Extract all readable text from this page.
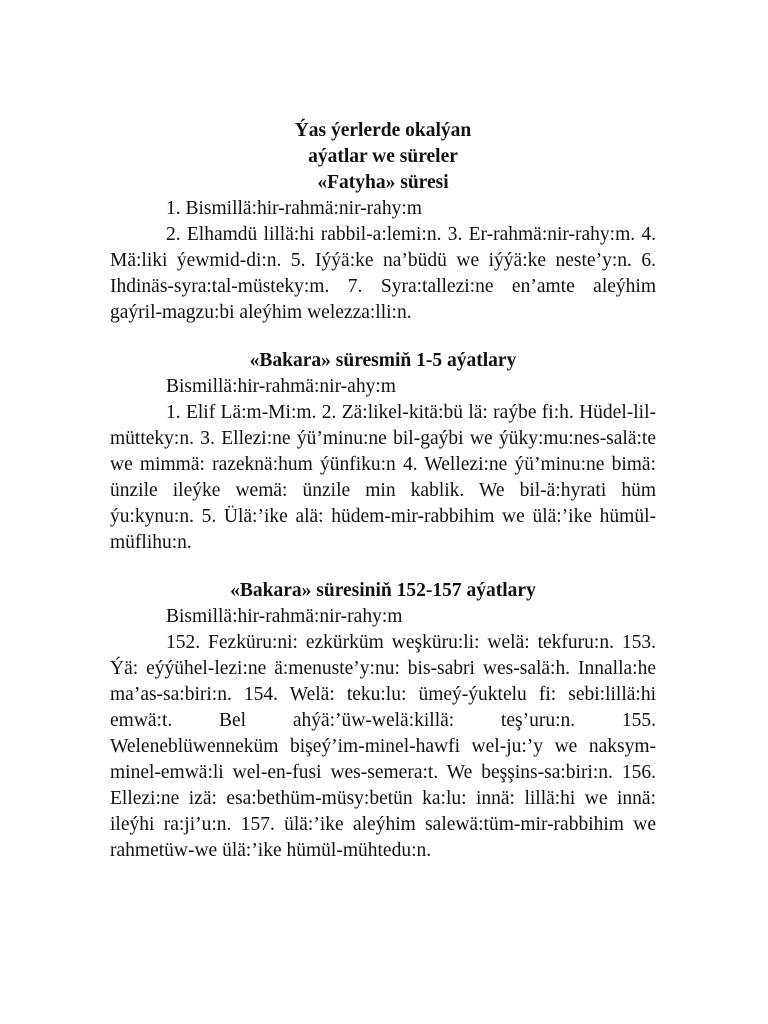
Ýas ýerlerde okalýan

aýatlar we süreler

«Fatyha» süresi

1. Bismillä:hir-rahmä:nir-rahy:m

2. Elhamdü lillä:hi rabbil-a:lemi:n. 3. Er-rahmä:nir-rahy:m. 4. Mä:liki ýewmid-di:n. 5. Iýýä:ke na’büdü we iýýä:ke neste’y:n. 6. Ihdinäs-syra:tal-müsteky:m. 7. Syra:tallezi:ne en’amte aleýhim gaýril-magzu:bi aleýhim welezza:lli:n.

«Bakara» süresmiň 1-5 aýatlary

Bismillä:hir-rahmä:nir-ahy:m

1. Elif Lä:m-Mi:m. 2. Zä:likel-kitä:bü lä: raýbe fi:h. Hüdel-lil-mütteky:n. 3. Ellezi:ne ýü’minu:ne bil-gaýbi we ýüky:mu:nes-salä:te we mimmä: razeknä:hum ýünfiku:n 4. Wellezi:ne ýü’minu:ne bimä: ünzile ileýke wemä: ünzile min kablik. We bil-ä:hyrati hüm ýu:kynu:n. 5. Ülä:’ike alä: hüdem-mir-rabbihim we ülä:’ike hümül-müflihu:n.

«Bakara» süresiniň 152-157 aýatlary

Bismillä:hir-rahmä:nir-rahy:m

152. Fezküru:ni: ezkürküm weşküru:li: welä: tekfuru:n. 153. Ýä: eýýühel-lezi:ne ä:menuste’y:nu: bis-sabri wes-salä:h. Innalla:he ma’as-sa:biri:n. 154. Welä: teku:lu: ümeý-ýuktelu fi: sebi:lillä:hi emwä:t. Bel ahýä:’üw-welä:killä: teş’uru:n. 155. Weleneblüwenneküm bişeý’im-minel-hawfi wel-ju:’y we naksym-minel-emwä:li wel-en-fusi wes-semera:t. We beşşins-sa:biri:n. 156. Ellezi:ne izä: esa:bethüm-müsy:betün ka:lu: innä: lillä:hi we innä: ileýhi ra:ji’u:n. 157. ülä:’ike aleýhim salewä:tüm-mir-rabbihim we rahmetüw-we ülä:’ike hümül-mühtedu:n.
